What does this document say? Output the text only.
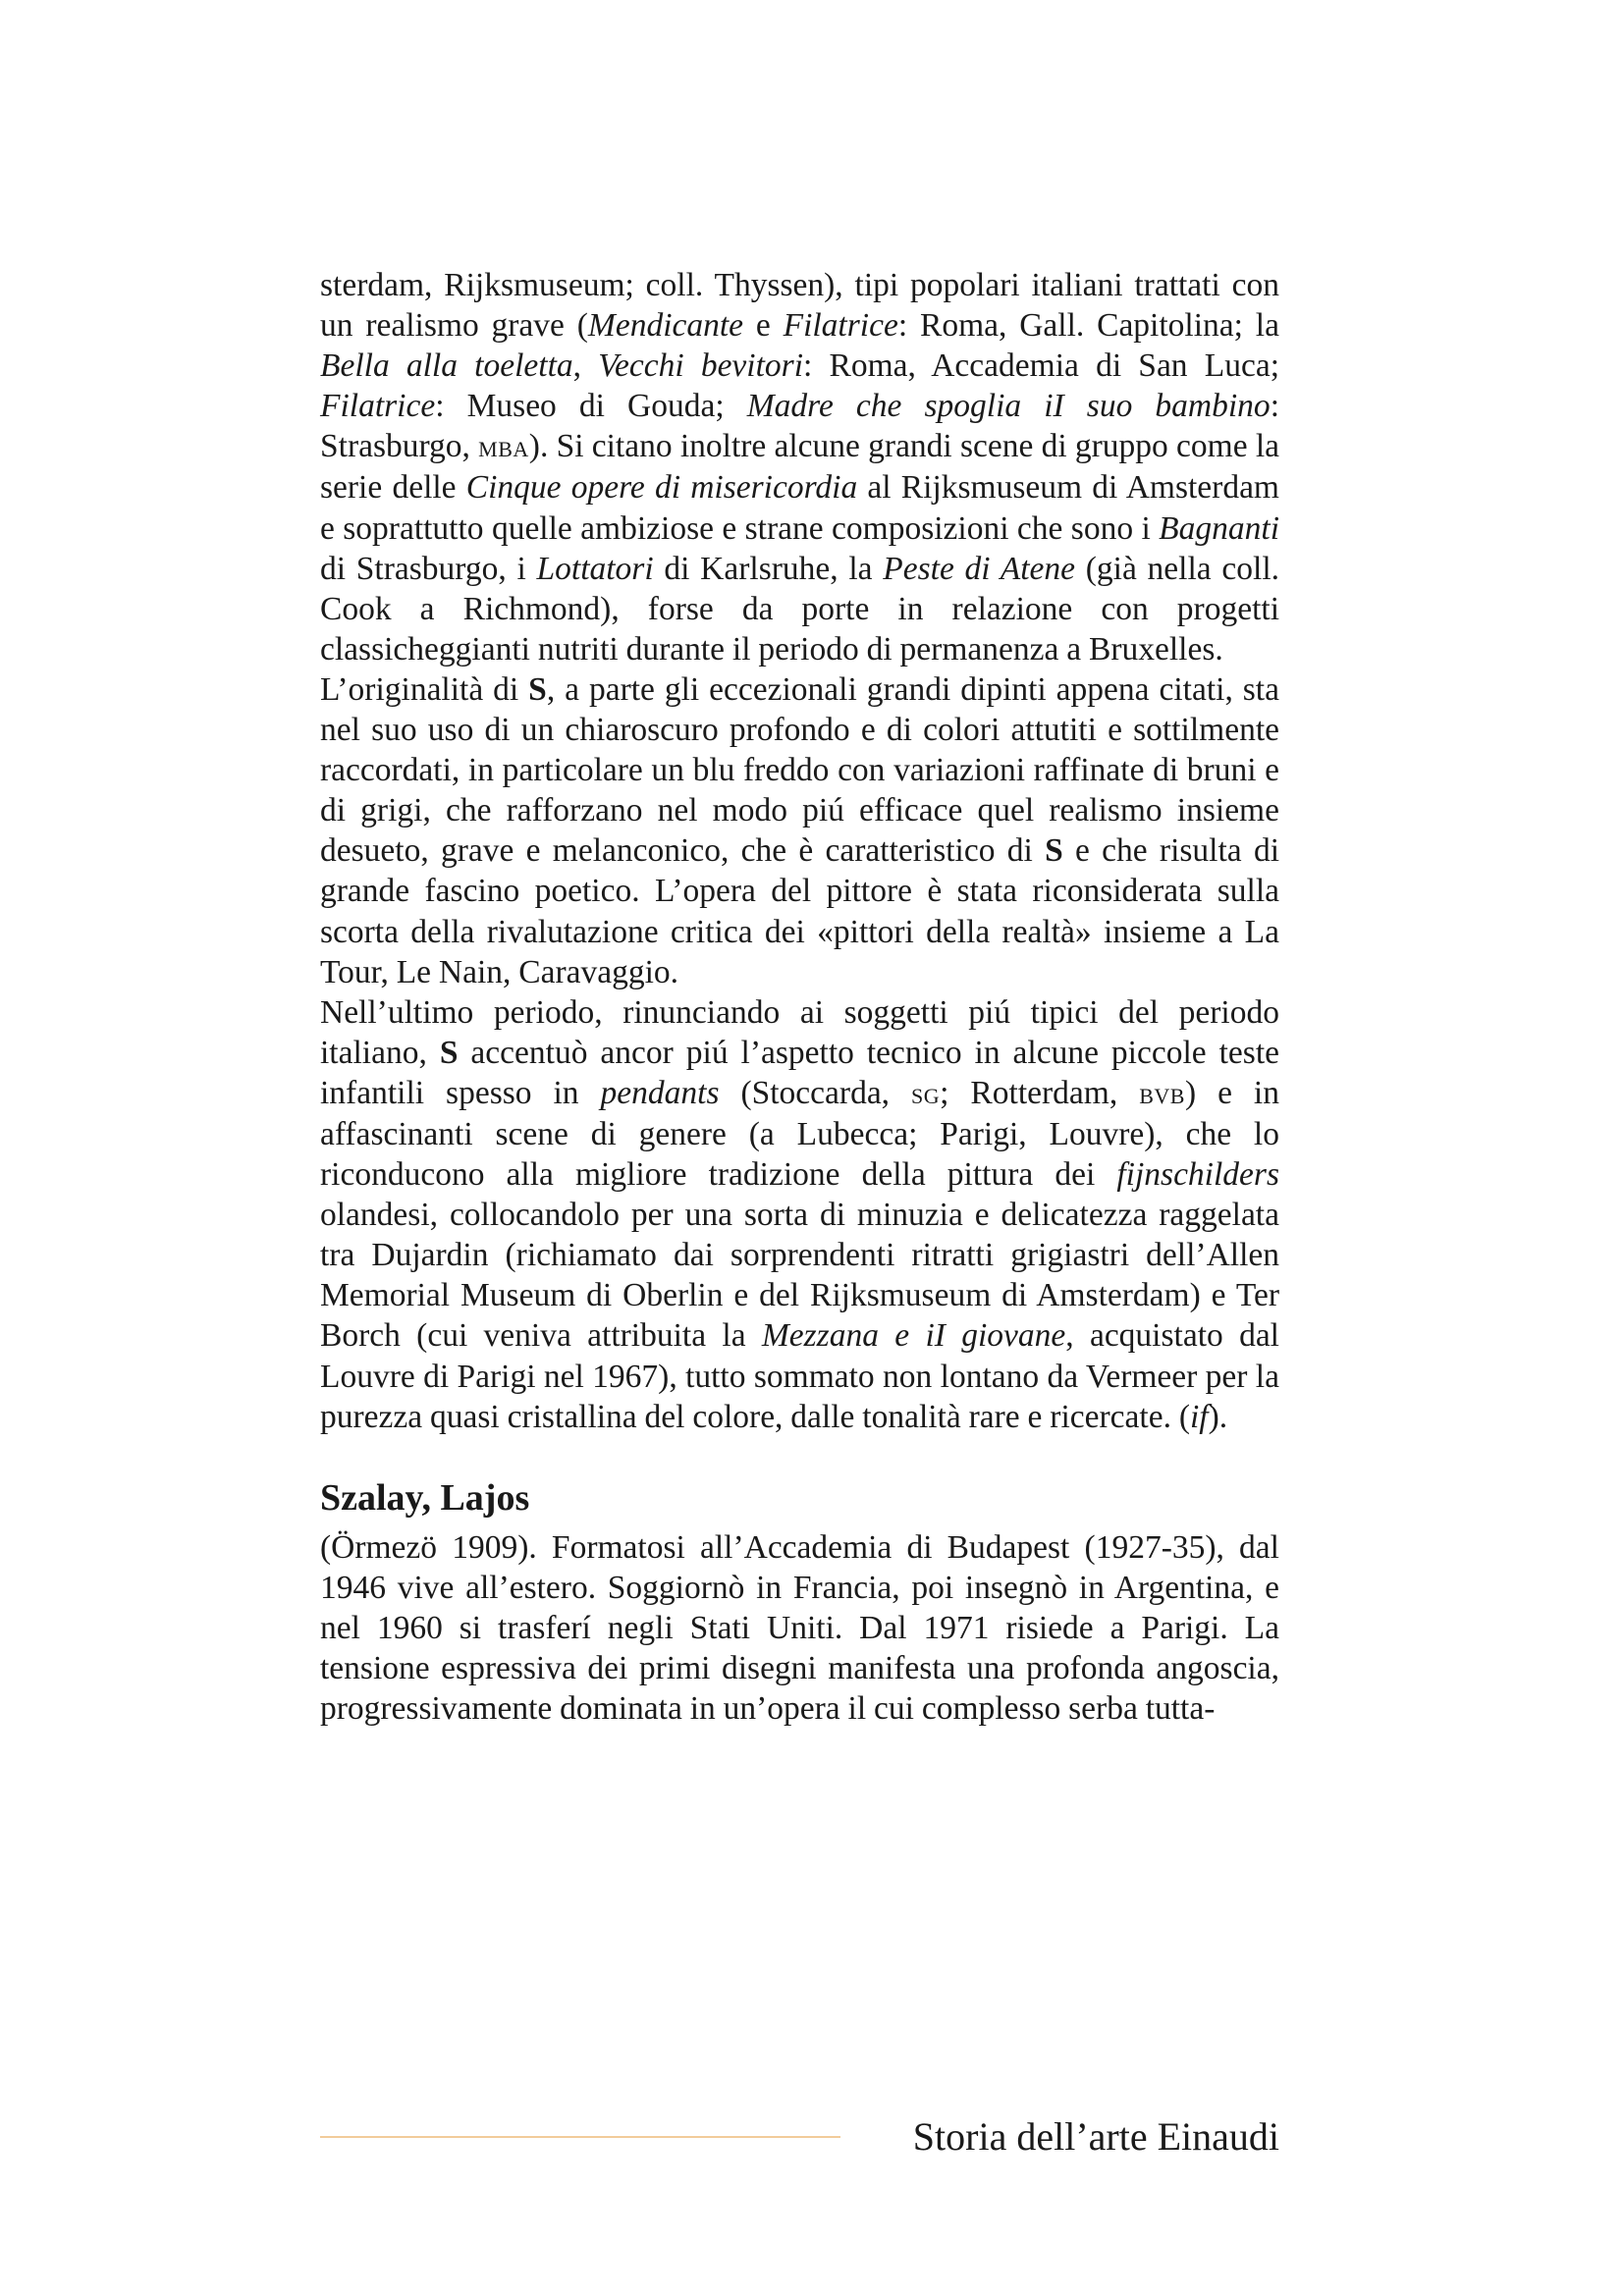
sterdam, Rijksmuseum; coll. Thyssen), tipi popolari italiani trattati con un realismo grave (Mendicante e Filatrice: Roma, Gall. Capitolina; la Bella alla toeletta, Vecchi bevitori: Roma, Accademia di San Luca; Filatrice: Museo di Gouda; Madre che spoglia iI suo bambino: Strasburgo, mba). Si citano inoltre alcune grandi scene di gruppo come la serie delle Cinque opere di misericordia al Rijksmuseum di Amsterdam e soprattutto quelle ambiziose e strane composizioni che sono i Bagnanti di Strasburgo, i Lottatori di Karlsruhe, la Peste di Atene (già nella coll. Cook a Richmond), forse da porte in relazione con progetti classicheggianti nutriti durante il periodo di permanenza a Bruxelles.

L’originalità di S, a parte gli eccezionali grandi dipinti appena citati, sta nel suo uso di un chiaroscuro profondo e di colori attutiti e sottilmente raccordati, in particolare un blu freddo con variazioni raffinate di bruni e di grigi, che rafforzano nel modo piú efficace quel realismo insieme desueto, grave e melanconico, che è caratteristico di S e che risulta di grande fascino poetico. L’opera del pittore è stata riconsiderata sulla scorta della rivalutazione critica dei «pittori della realtà» insieme a La Tour, Le Nain, Caravaggio.

Nell’ultimo periodo, rinunciando ai soggetti piú tipici del periodo italiano, S accentuò ancor piú l’aspetto tecnico in alcune piccole teste infantili spesso in pendants (Stoccarda, sg; Rotterdam, bvb) e in affascinanti scene di genere (a Lubecca; Parigi, Louvre), che lo riconducono alla migliore tradizione della pittura dei fijnschilders olandesi, collocandolo per una sorta di minuzia e delicatezza raggelata tra Dujardin (richiamato dai sorprendenti ritratti grigiastri dell’Allen Memorial Museum di Oberlin e del Rijksmuseum di Amsterdam) e Ter Borch (cui veniva attribuita la Mezzana e iI giovane, acquistato dal Louvre di Parigi nel 1967), tutto sommato non lontano da Vermeer per la purezza quasi cristallina del colore, dalle tonalità rare e ricercate. (if).

Szalay, Lajos

(Örmezö 1909). Formatosi all’Accademia di Budapest (1927-35), dal 1946 vive all’estero. Soggiornò in Francia, poi insegnò in Argentina, e nel 1960 si trasferí negli Stati Uniti. Dal 1971 risiede a Parigi. La tensione espressiva dei primi disegni manifesta una profonda angoscia, progressivamente dominata in un’opera il cui complesso serba tutta-

Storia dell’arte Einaudi
